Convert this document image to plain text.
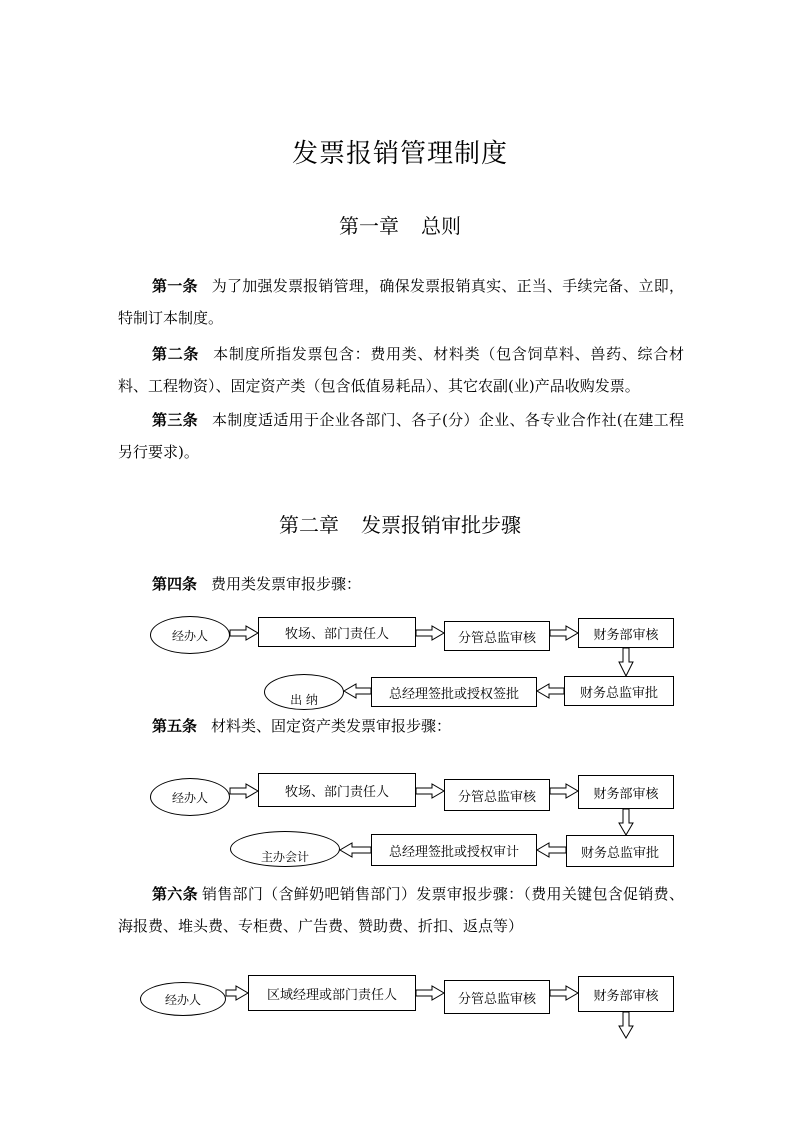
发票报销管理制度
第一章 总则
第一条 为了加强发票报销管理，确保发票报销真实、正当、手续完备、立即，特制订本制度。
第二条 本制度所指发票包含：费用类、材料类（包含饲草料、兽药、综合材料、工程物资）、固定资产类（包含低值易耗品）、其它农副(业)产品收购发票。
第三条 本制度适适用于企业各部门、各子(分）企业、各专业合作社(在建工程另行要求)。
第二章 发票报销审批步骤
第四条 费用类发票审报步骤：
经办人	牧场、部门责任人	分管总监审核	财务部审核
财务总监审批
总经理签批或授权签批
出 纳
第五条 材料类、固定资产类发票审报步骤：
经办人	牧场、部门责任人	分管总监审核	财务部审核
财务总监审批
总经理签批或授权审计
主办会计
第六条 销售部门（含鲜奶吧销售部门）发票审报步骤：（费用关键包含促销费、海报费、堆头费、专柜费、广告费、赞助费、折扣、返点等）
经办人	区域经理或部门责任人	分管总监审核	财务部审核
